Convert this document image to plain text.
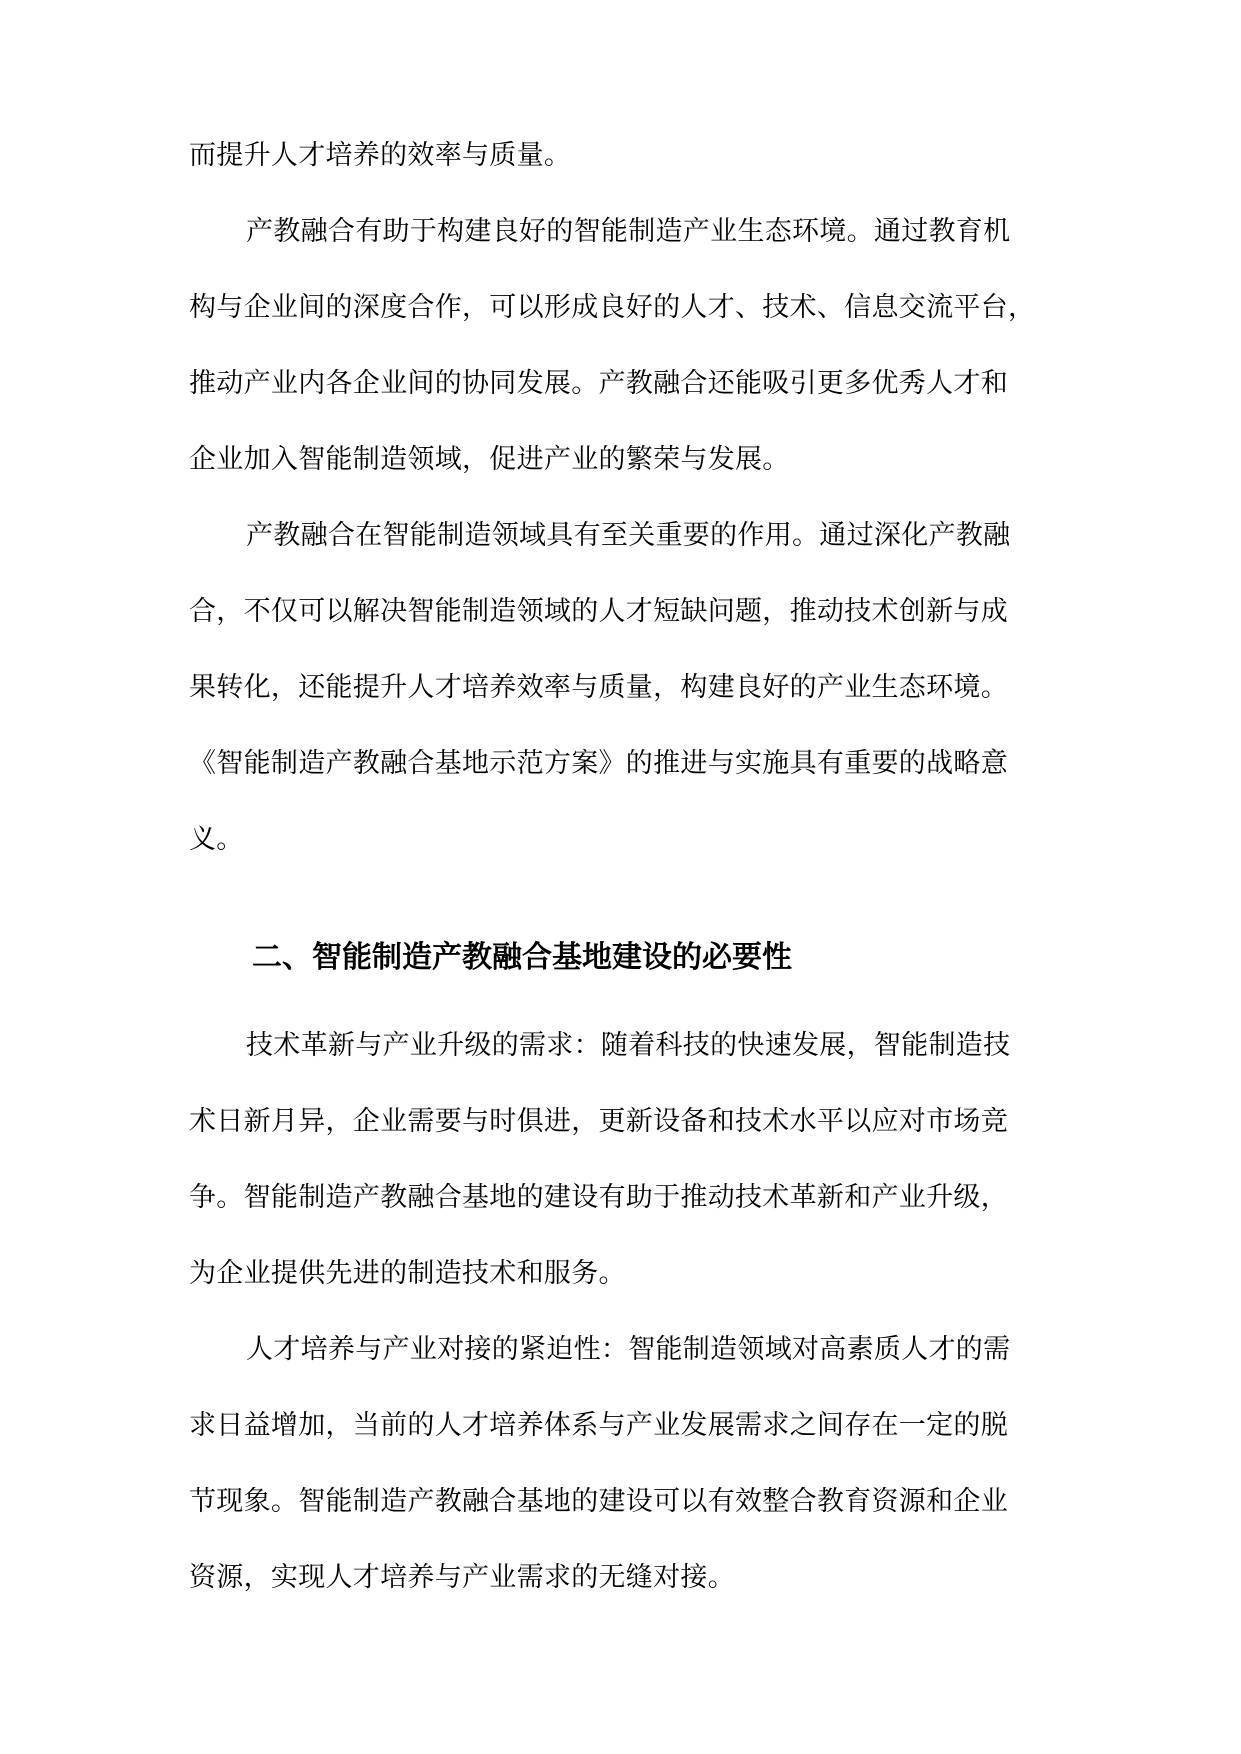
而提升人才培养的效率与质量。
产教融合有助于构建良好的智能制造产业生态环境。通过教育机
构与企业间的深度合作，可以形成良好的人才、技术、信息交流平台，
推动产业内各企业间的协同发展。产教融合还能吸引更多优秀人才和
企业加入智能制造领域，促进产业的繁荣与发展。
产教融合在智能制造领域具有至关重要的作用。通过深化产教融
合，不仅可以解决智能制造领域的人才短缺问题，推动技术创新与成
果转化，还能提升人才培养效率与质量，构建良好的产业生态环境。
《智能制造产教融合基地示范方案》的推进与实施具有重要的战略意
义。
二、智能制造产教融合基地建设的必要性
技术革新与产业升级的需求：随着科技的快速发展，智能制造技
术日新月异，企业需要与时俱进，更新设备和技术水平以应对市场竞
争。智能制造产教融合基地的建设有助于推动技术革新和产业升级，
为企业提供先进的制造技术和服务。
人才培养与产业对接的紧迫性：智能制造领域对高素质人才的需
求日益增加，当前的人才培养体系与产业发展需求之间存在一定的脱
节现象。智能制造产教融合基地的建设可以有效整合教育资源和企业
资源，实现人才培养与产业需求的无缝对接。
